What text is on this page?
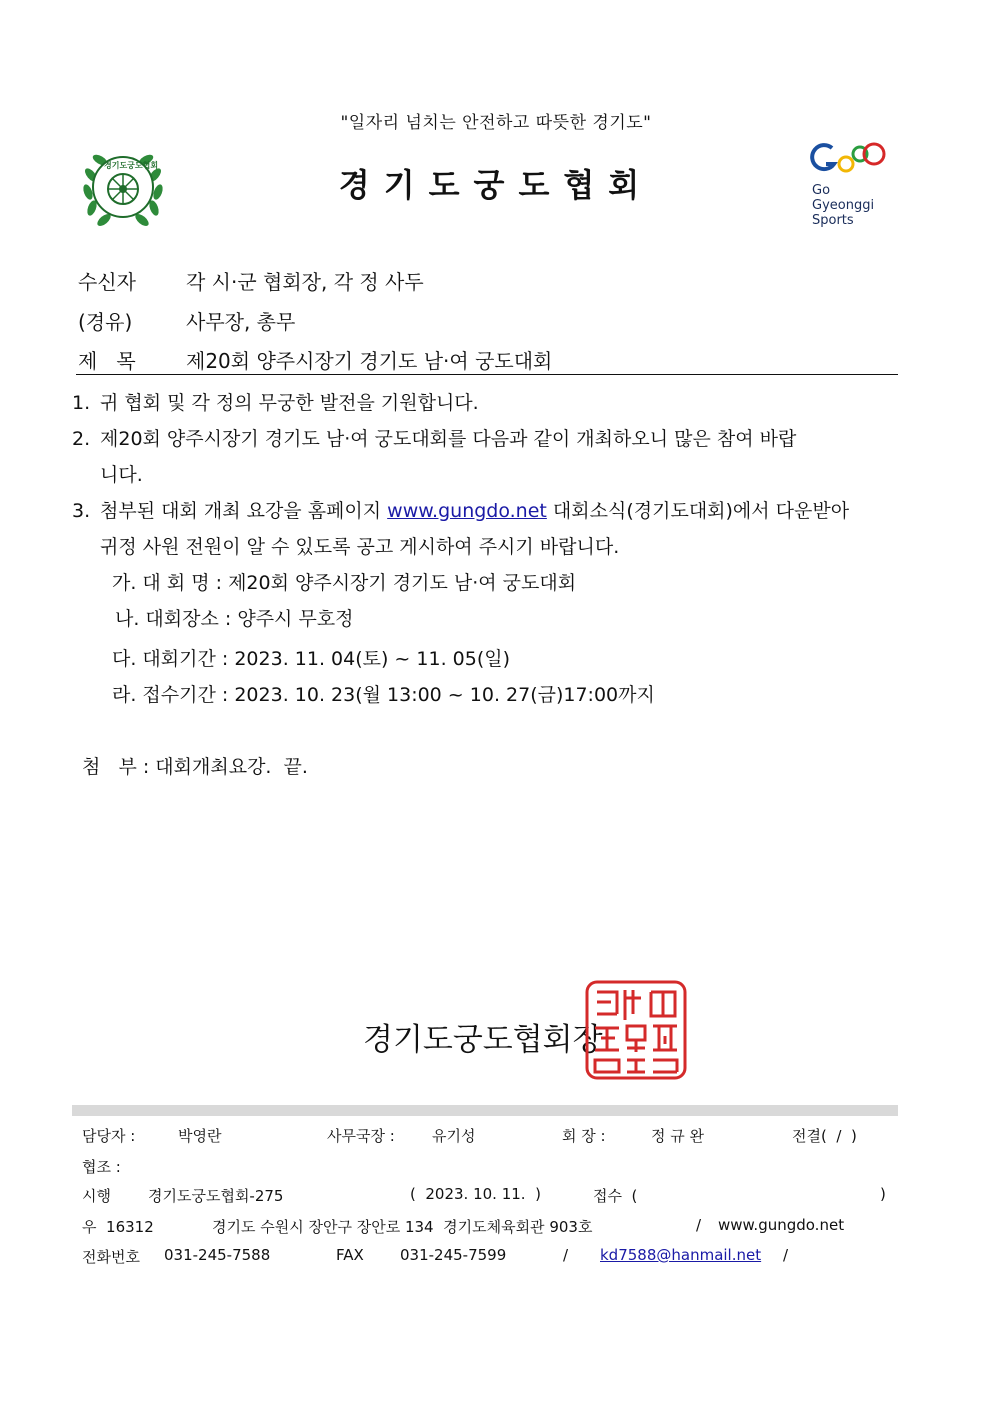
"일자리 넘치는 안전하고 따뜻한 경기도"
경기도궁도협회
경기도궁도협회	Go
Gyeonggi
Sports
수신자	각 시·군 협회장, 각 정 사두
(경유)	사무장, 총무
제   목	제20회 양주시장기 경기도 남·여 궁도대회
1. 귀 협회 및 각 정의 무궁한 발전을 기원합니다.
2. 제20회 양주시장기 경기도 남·여 궁도대회를 다음과 같이 개최하오니 많은 참여 바랍
니다.
3. 첨부된 대회 개최 요강을 홈페이지 www.gungdo.net 대회소식(경기도대회)에서 다운받아
귀정 사원 전원이 알 수 있도록 공고 게시하여 주시기 바랍니다.
가. 대 회 명 : 제20회 양주시장기 경기도 남·여 궁도대회
나. 대회장소 : 양주시 무호정
다. 대회기간 : 2023. 11. 04(토) ~ 11. 05(일)
라. 접수기간 : 2023. 10. 23(월 13:00 ~ 10. 27(금)17:00까지
첨   부 : 대회개최요강.  끝.
경기도궁도협회장
담당자 :	박영란	사무국장 : 유기성	회 장 :	정 규 완	전결(  /  )
협조 :
시행 경기도궁도협회-275	(  2023. 10. 11.  )	접수  (	)
우  16312	경기도 수원시 장안구 장안로 134  경기도체육회관 903호	/ www.gungdo.net
전화번호 031-245-7588	FAX 031-245-7599	/ kd7588@hanmail.net /
